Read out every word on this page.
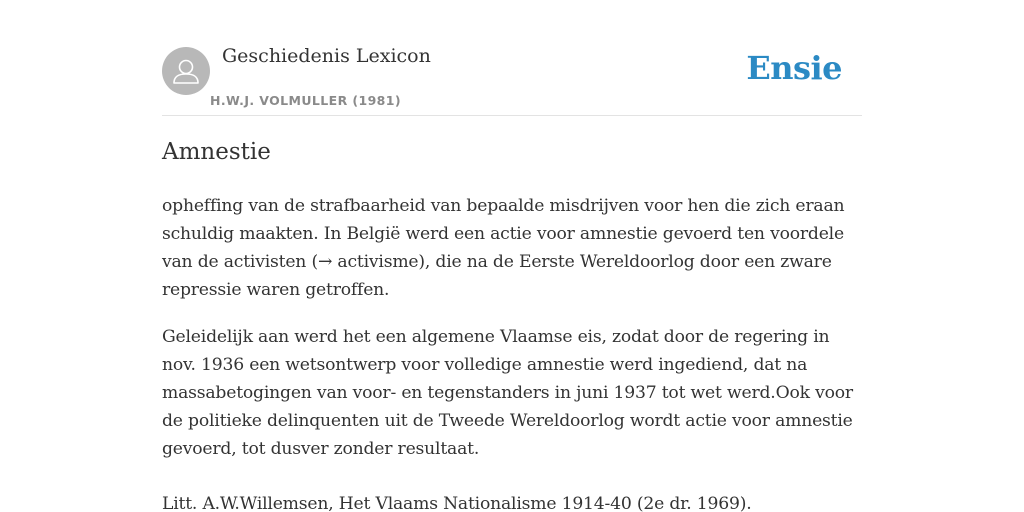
Geschiedenis Lexicon
H.W.J. VOLMULLER (1981)
Ensie
Amnestie

opheffing van de strafbaarheid van bepaalde misdrijven voor hen die zich eraan schuldig maakten. In België werd een actie voor amnestie gevoerd ten voordele van de activisten (→ activisme), die na de Eerste Wereldoorlog door een zware repressie waren getroffen.

Geleidelijk aan werd het een algemene Vlaamse eis, zodat door de regering in nov. 1936 een wetsontwerp voor volledige amnestie werd ingediend, dat na massabetogingen van voor- en tegenstanders in juni 1937 tot wet werd.Ook voor de politieke delinquenten uit de Tweede Wereldoorlog wordt actie voor amnestie gevoerd, tot dusver zonder resultaat.

Litt. A.W.Willemsen, Het Vlaams Nationalisme 1914-40 (2e dr. 1969).
